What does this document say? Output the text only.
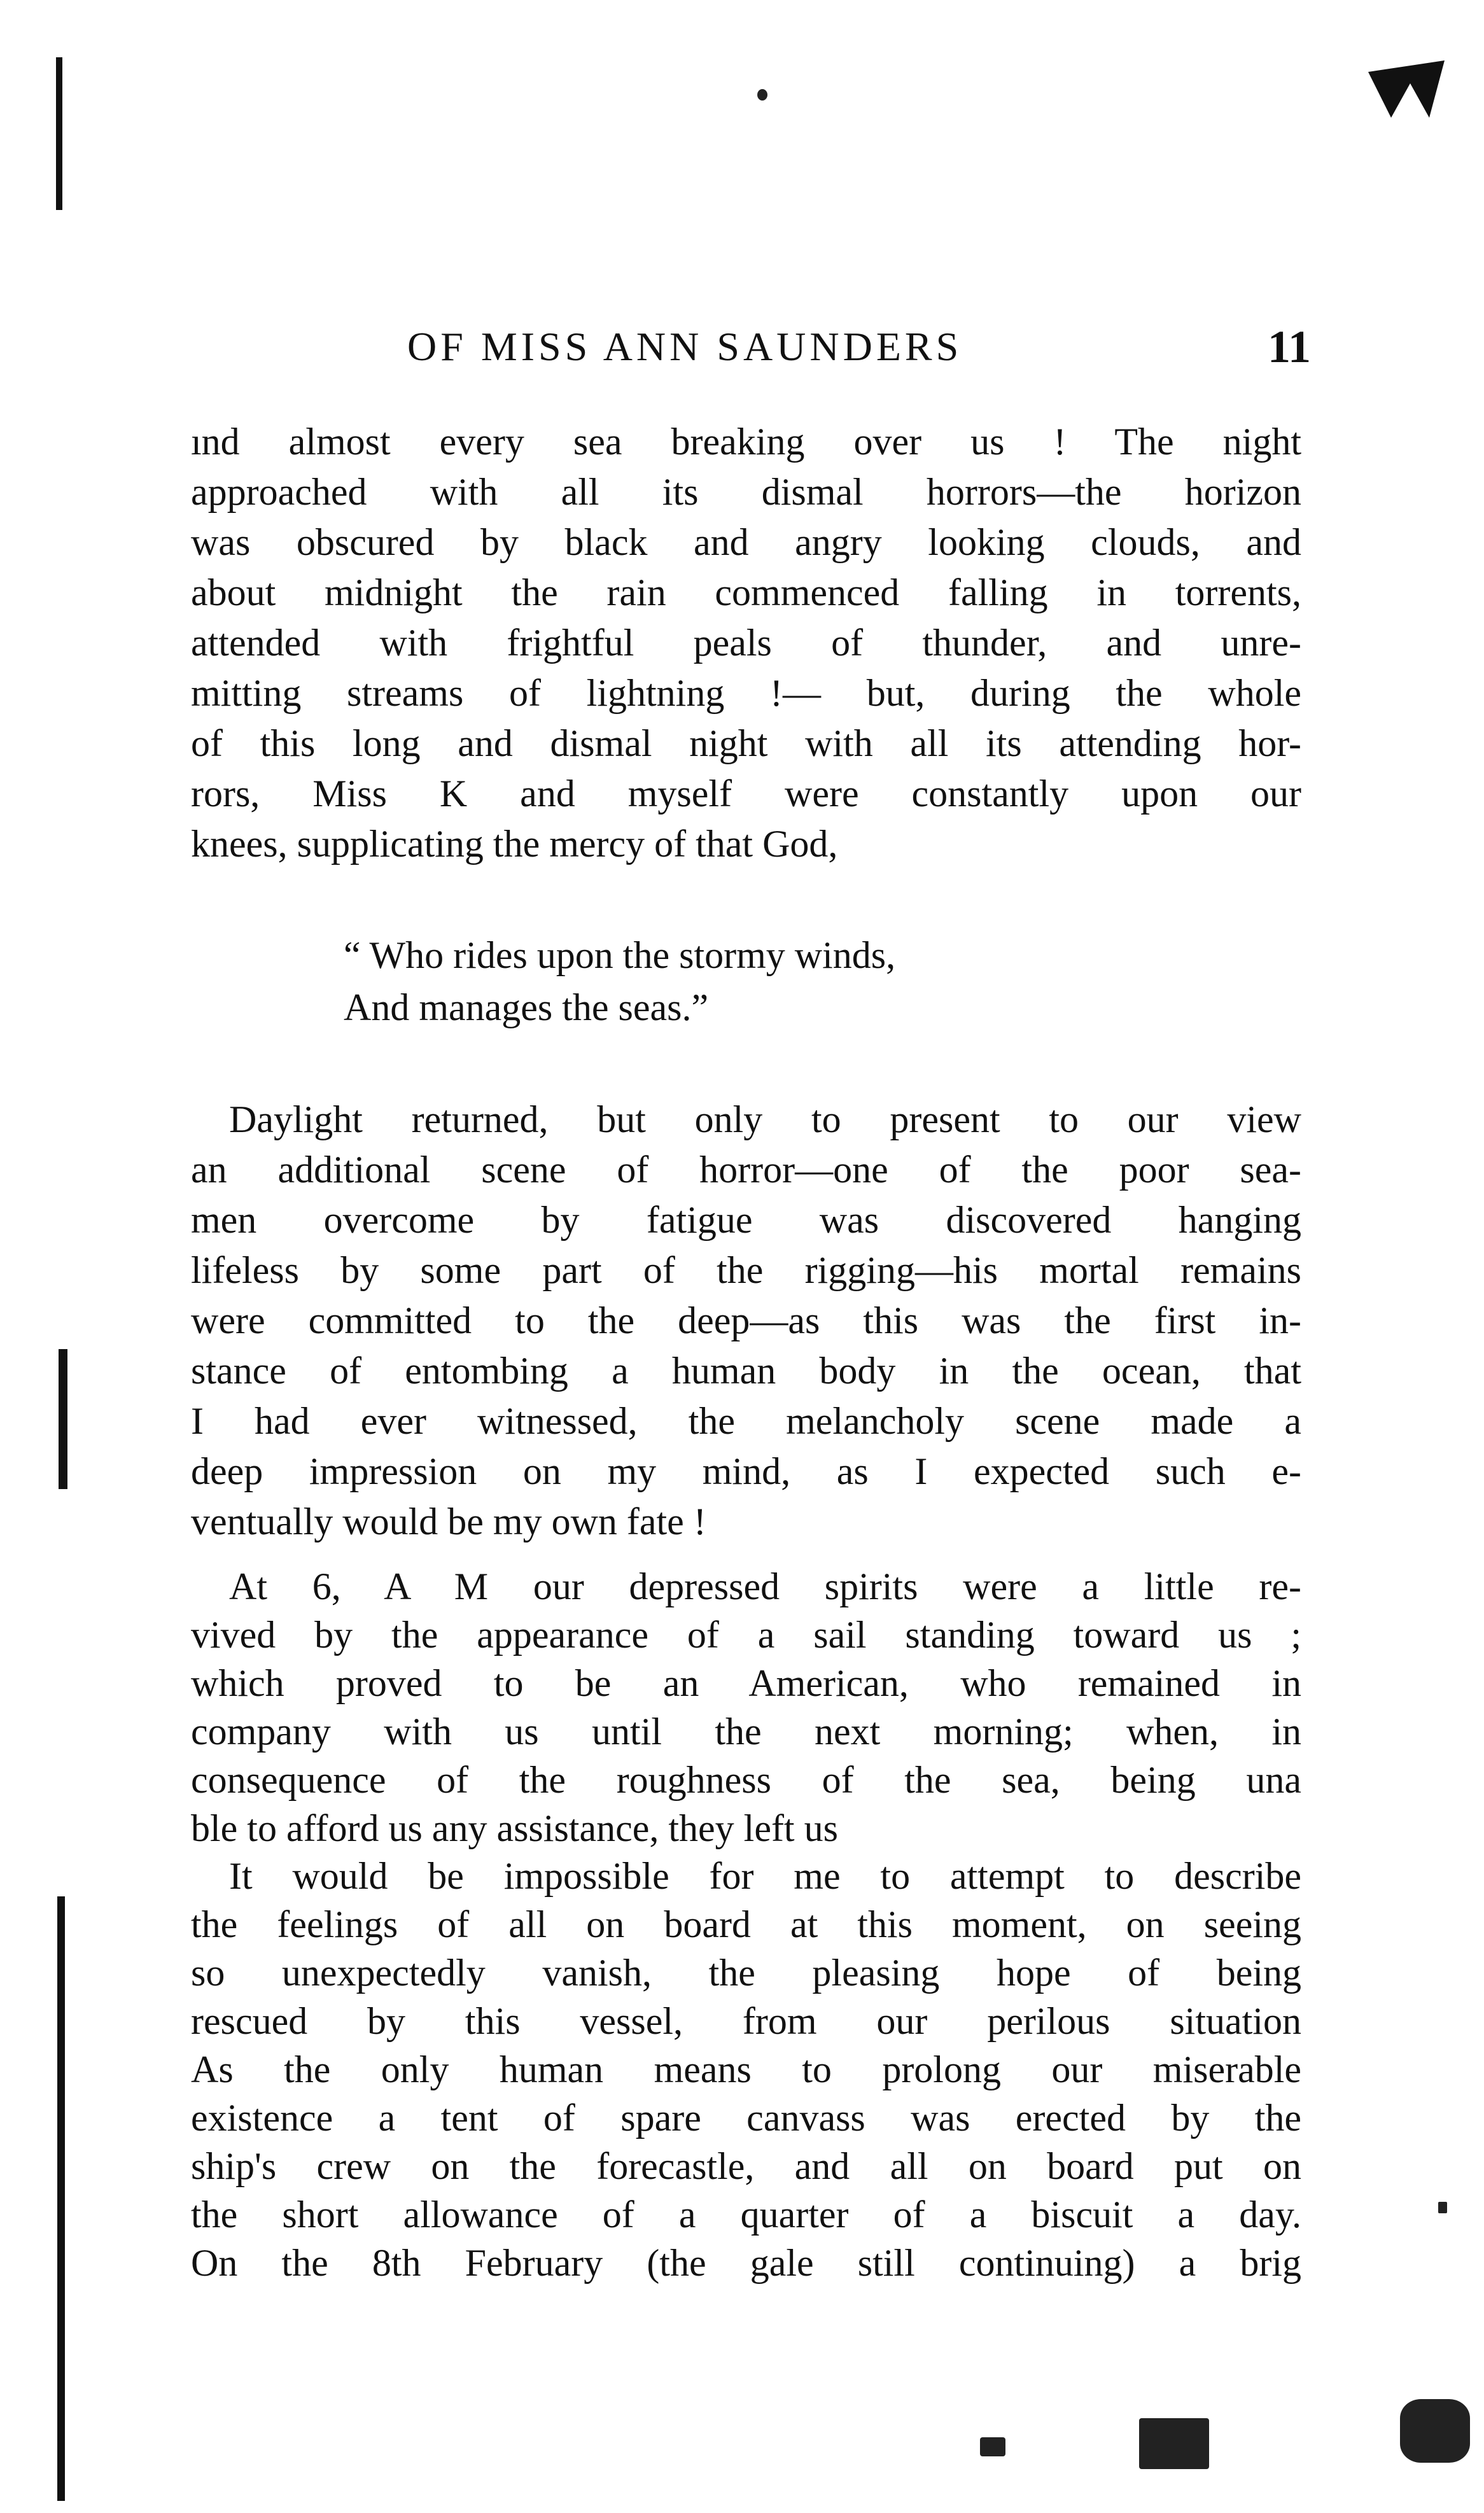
OF MISS ANN SAUNDERS	11
ınd almost every sea breaking over us ! The night
approached with all its dismal horrors—the horizon
was obscured by black and angry looking clouds, and
about midnight the rain commenced falling in torrents,
attended with frightful peals of thunder, and unre-
mitting streams of lightning !— but, during the whole
of this long and dismal night with all its attending hor-
rors, Miss K and myself were constantly upon our
knees, supplicating the mercy of that God,
“ Who rides upon the stormy winds,
And manages the seas.”
Daylight returned, but only to present to our view
an additional scene of horror—one of the poor sea-
men overcome by fatigue was discovered hanging
lifeless by some part of the rigging—his mortal remains
were committed to the deep—as this was the first in-
stance of entombing a human body in the ocean, that
I had ever witnessed, the melancholy scene made a
deep impression on my mind, as I expected such e-
ventually would be my own fate !
At 6, A M our depressed spirits were a little re-
vived by the appearance of a sail standing toward us ;
which proved to be an American, who remained in
company with us until the next morning; when, in
consequence of the roughness of the sea, being una
ble to afford us any assistance, they left us
It would be impossible for me to attempt to describe
the feelings of all on board at this moment, on seeing
so unexpectedly vanish, the pleasing hope of being
rescued by this vessel, from our perilous situation
As the only human means to prolong our miserable
existence a tent of spare canvass was erected by the
ship's crew on the forecastle, and all on board put on
the short allowance of a quarter of a biscuit a day.
On the 8th February (the gale still continuing) a brig
